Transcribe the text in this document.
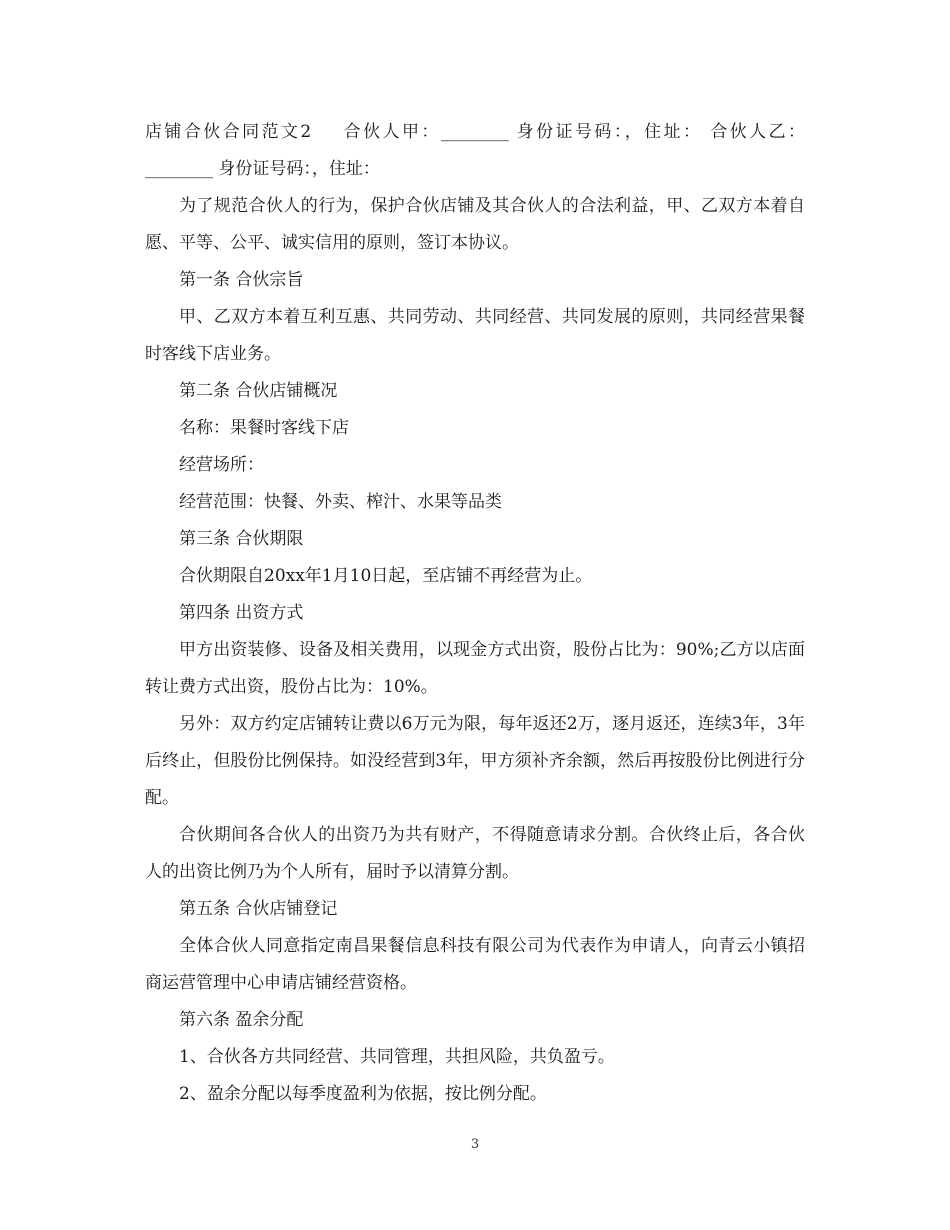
店铺合伙合同范文2 合伙人甲：________ 身份证号码：，住址： 合伙人乙： ________ 身份证号码：，住址：

为了规范合伙人的行为，保护合伙店铺及其合伙人的合法利益，甲、乙双方本着自愿、平等、公平、诚实信用的原则，签订本协议。

第一条 合伙宗旨

甲、乙双方本着互利互惠、共同劳动、共同经营、共同发展的原则，共同经营果餐时客线下店业务。

第二条 合伙店铺概况

名称：果餐时客线下店

经营场所：

经营范围：快餐、外卖、榨汁、水果等品类

第三条 合伙期限

合伙期限自20xx年1月10日起，至店铺不再经营为止。

第四条 出资方式

甲方出资装修、设备及相关费用，以现金方式出资，股份占比为：90%;乙方以店面转让费方式出资，股份占比为：10%。

另外：双方约定店铺转让费以6万元为限，每年返还2万，逐月返还，连续3年，3年后终止，但股份比例保持。如没经营到3年，甲方须补齐余额，然后再按股份比例进行分配。

合伙期间各合伙人的出资乃为共有财产，不得随意请求分割。合伙终止后，各合伙人的出资比例乃为个人所有，届时予以清算分割。

第五条 合伙店铺登记

全体合伙人同意指定南昌果餐信息科技有限公司为代表作为申请人，向青云小镇招商运营管理中心申请店铺经营资格。

第六条 盈余分配

1、合伙各方共同经营、共同管理，共担风险，共负盈亏。

2、盈余分配以每季度盈利为依据，按比例分配。

3
